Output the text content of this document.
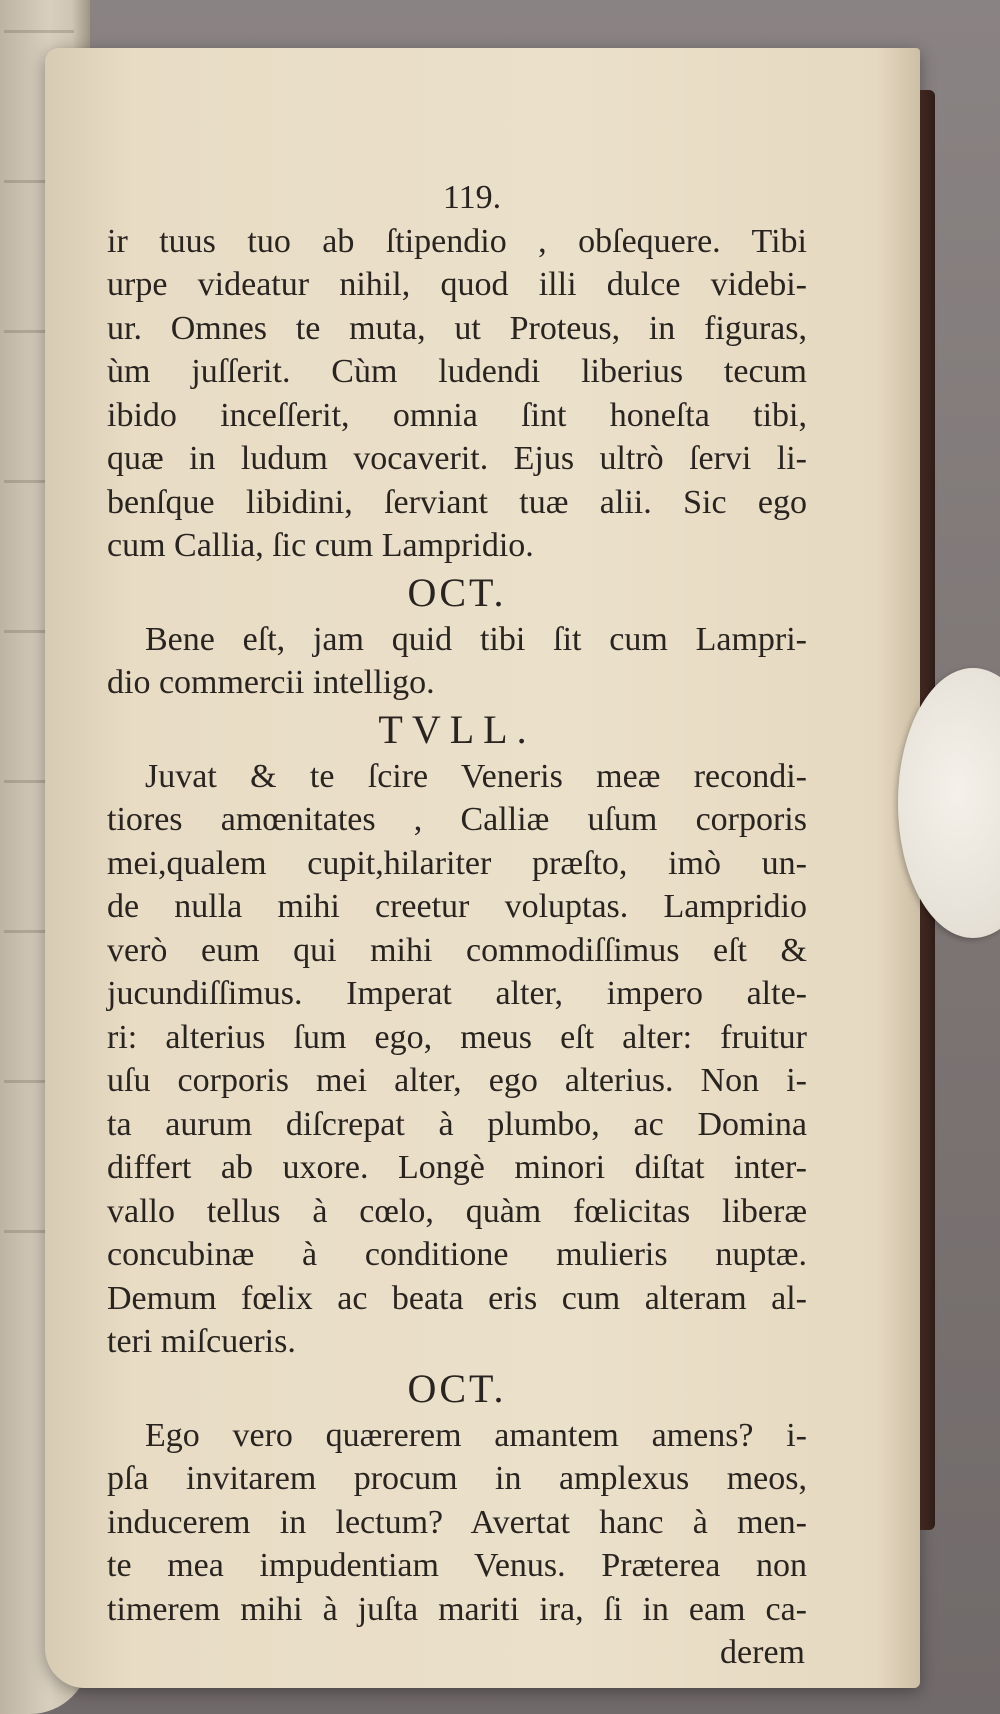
119.
ir tuus tuo ab ſtipendio , obſequere. Tibi
urpe videatur nihil, quod illi dulce videbi-
ur. Omnes te muta, ut Proteus, in figuras,
ùm juſſerit. Cùm ludendi liberius tecum
ibido inceſſerit, omnia ſint honeſta tibi,
quæ in ludum vocaverit. Ejus ultrò ſervi li-
benſque libidini, ſerviant tuæ alii. Sic ego
cum Callia, ſic cum Lampridio.
OCT.
Bene eſt, jam quid tibi ſit cum Lampri-
dio commercii intelligo.
TVLL.
Juvat & te ſcire Veneris meæ recondi-
tiores amœnitates , Calliæ uſum corporis
mei,qualem cupit,hilariter præſto, imò un-
de nulla mihi creetur voluptas. Lampridio
verò eum qui mihi commodiſſimus eſt &
jucundiſſimus. Imperat alter, impero alte-
ri: alterius ſum ego, meus eſt alter: fruitur
uſu corporis mei alter, ego alterius. Non i-
ta aurum diſcrepat à plumbo, ac Domina
differt ab uxore. Longè minori diſtat inter-
vallo tellus à cœlo, quàm fœlicitas liberæ
concubinæ à conditione mulieris nuptæ.
Demum fœlix ac beata eris cum alteram al-
teri miſcueris.
OCT.
Ego vero quærerem amantem amens? i-
pſa invitarem procum in amplexus meos,
inducerem in lectum? Avertat hanc à men-
te mea impudentiam Venus. Præterea non
timerem mihi à juſta mariti ira, ſi in eam ca-
derem
